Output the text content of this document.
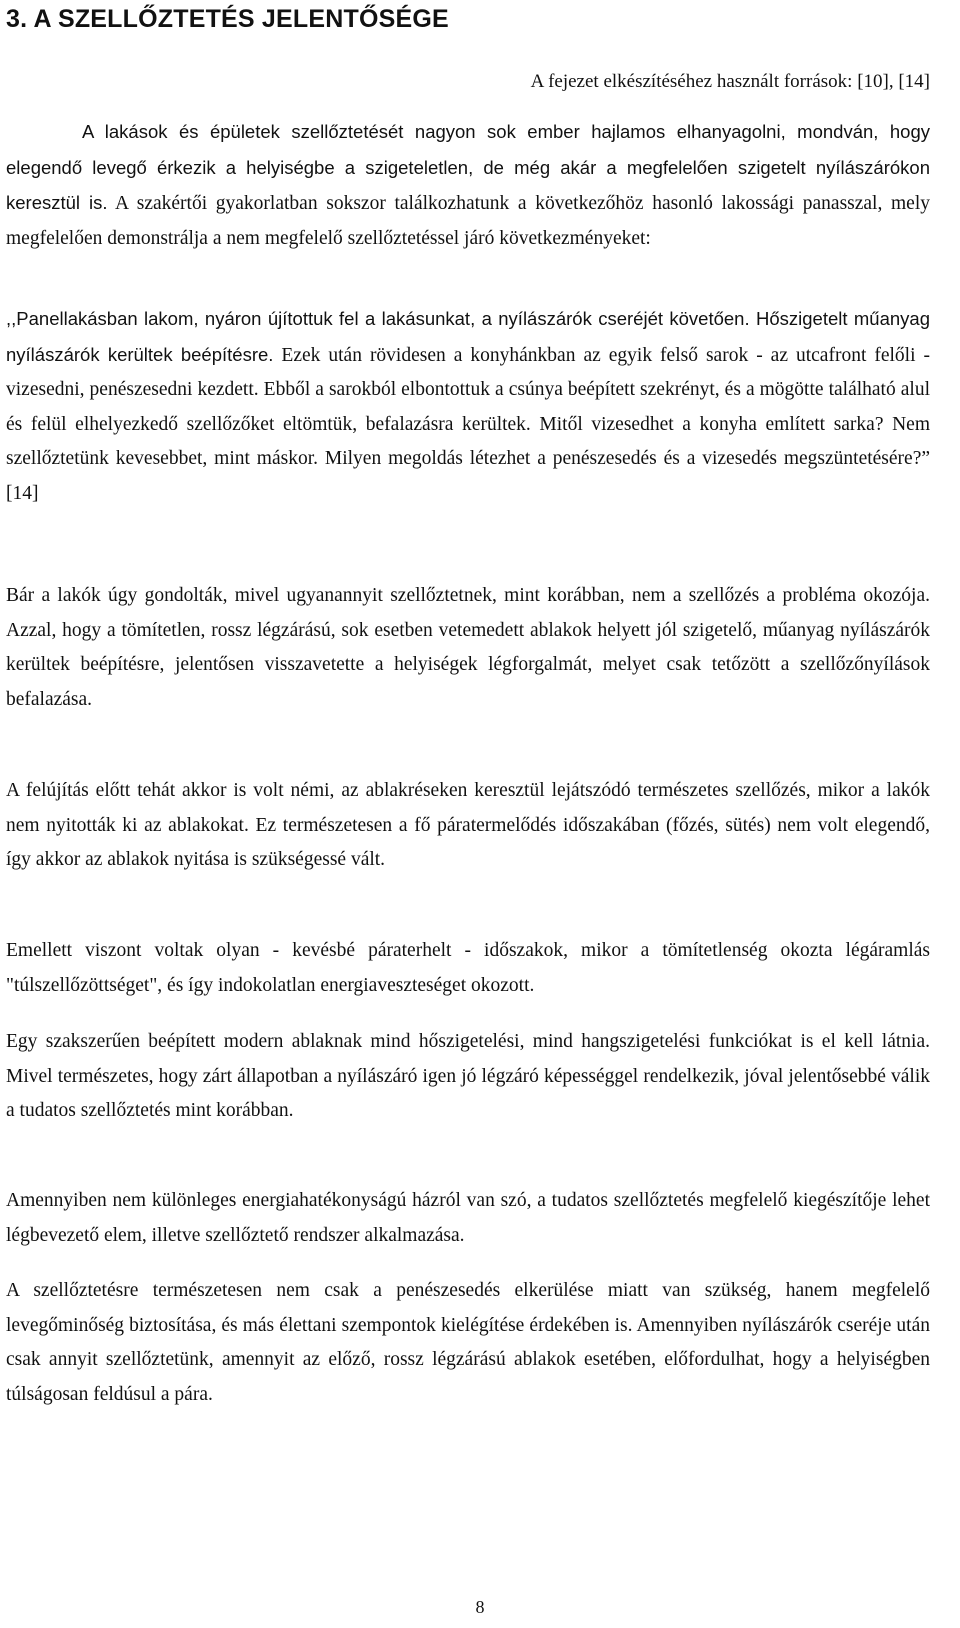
3. A SZELLŐZTETÉS JELENTŐSÉGE
A fejezet elkészítéséhez használt források: [10], [14]

A lakások és épületek szellőztetését nagyon sok ember hajlamos elhanyagolni, mondván, hogy elegendő levegő érkezik a helyiségbe a szigeteletlen, de még akár a megfelelően szigetelt nyílászárókon keresztül is. A szakértői gyakorlatban sokszor találkozhatunk a következőhöz hasonló lakossági panasszal, mely megfelelően demonstrálja a nem megfelelő szellőztetéssel járó következményeket:

,,Panellakásban lakom, nyáron újítottuk fel a lakásunkat, a nyílászárók cseréjét követően. Hőszigetelt műanyag nyílászárók kerültek beépítésre. Ezek után rövidesen a konyhánkban az egyik felső sarok - az utcafront felőli - vizesedni, penészesedni kezdett. Ebből a sarokból elbontottuk a csúnya beépített szekrényt, és a mögötte található alul és felül elhelyezkedő szellőzőket eltömtük, befalazásra kerültek. Mitől vizesedhet a konyha említett sarka? Nem szellőztetünk kevesebbet, mint máskor. Milyen megoldás létezhet a penészesedés és a vizesedés megszüntetésére?” [14]

Bár a lakók úgy gondolták, mivel ugyanannyit szellőztetnek, mint korábban, nem a szellőzés a probléma okozója. Azzal, hogy a tömítetlen, rossz légzárású, sok esetben vetemedett ablakok helyett jól szigetelő, műanyag nyílászárók kerültek beépítésre, jelentősen visszavetette a helyiségek légforgalmát, melyet csak tetőzött a szellőzőnyílások befalazása.

A felújítás előtt tehát akkor is volt némi, az ablakréseken keresztül lejátszódó természetes szellőzés, mikor a lakók nem nyitották ki az ablakokat. Ez természetesen a fő páratermelődés időszakában (főzés, sütés) nem volt elegendő, így akkor az ablakok nyitása is szükségessé vált.

Emellett viszont voltak olyan - kevésbé páraterhelt - időszakok, mikor a tömítetlenség okozta légáramlás "túlszellőzöttséget", és így indokolatlan energiaveszteséget okozott.

Egy szakszerűen beépített modern ablaknak mind hőszigetelési, mind hangszigetelési funkciókat is el kell látnia. Mivel természetes, hogy zárt állapotban a nyílászáró igen jó légzáró képességgel rendelkezik, jóval jelentősebbé válik a tudatos szellőztetés mint korábban.

Amennyiben nem különleges energiahatékonyságú házról van szó, a tudatos szellőztetés megfelelő kiegészítője lehet légbevezető elem, illetve szellőztető rendszer alkalmazása.

A szellőztetésre természetesen nem csak a penészesedés elkerülése miatt van szükség, hanem megfelelő levegőminőség biztosítása, és más élettani szempontok kielégítése érdekében is. Amennyiben nyílászárók cseréje után csak annyit szellőztetünk, amennyit az előző, rossz légzárású ablakok esetében, előfordulhat, hogy a helyiségben túlságosan feldúsul a pára.

8
